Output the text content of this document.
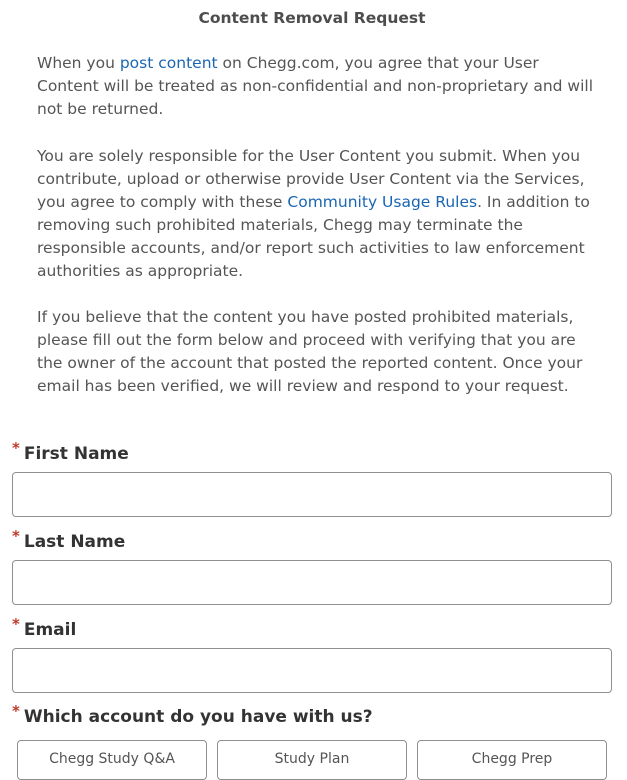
Content Removal Request

When you post content on Chegg.com, you agree that your User Content will be treated as non-confidential and non-proprietary and will not be returned.

You are solely responsible for the User Content you submit. When you contribute, upload or otherwise provide User Content via the Services, you agree to comply with these Community Usage Rules. In addition to removing such prohibited materials, Chegg may terminate the responsible accounts, and/or report such activities to law enforcement authorities as appropriate.

If you believe that the content you have posted prohibited materials, please fill out the form below and proceed with verifying that you are the owner of the account that posted the reported content. Once your email has been verified, we will review and respond to your request.

* First Name
* Last Name
* Email
* Which account do you have with us?
Chegg Study Q&A	Study Plan	Chegg Prep
